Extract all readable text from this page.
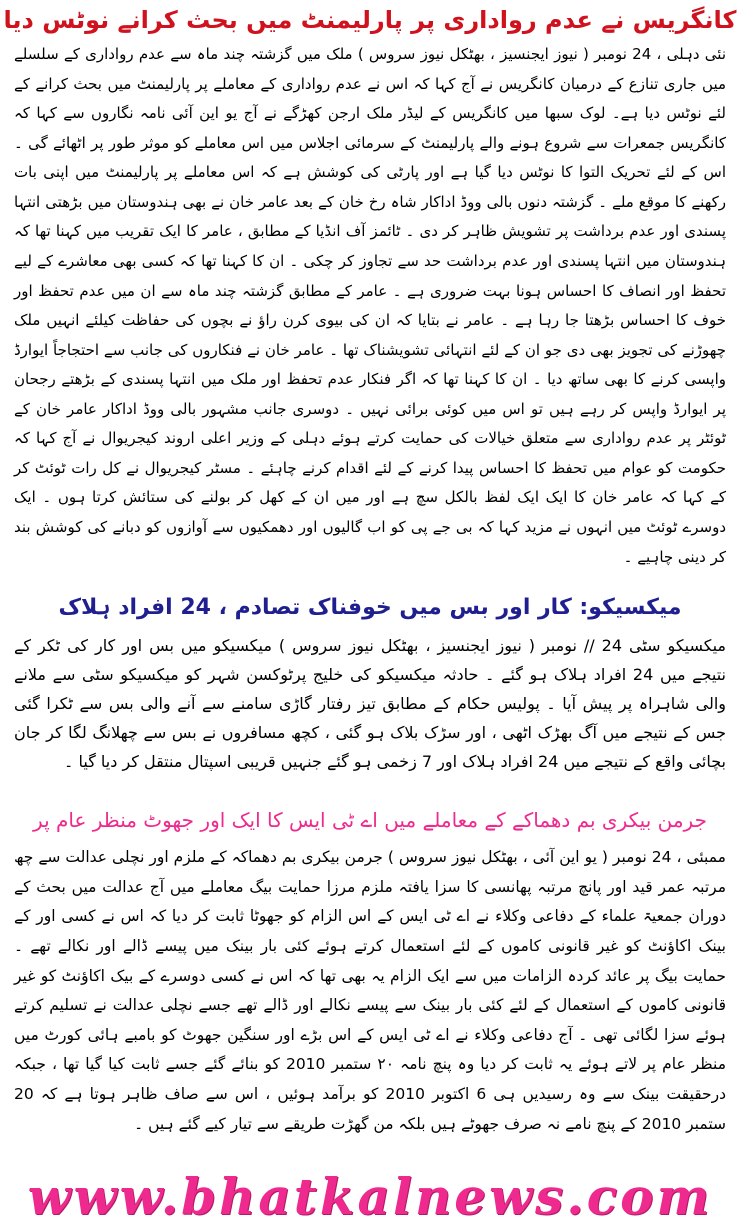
کانگریس نے عدم رواداری پر پارلیمنٹ میں بحث کرانے نوٹس دیا
نئی دہلی ، 24 نومبر ( نیوز ایجنسیز ، بھٹکل نیوز سروس ) ملک میں گزشتہ چند ماہ سے عدم رواداری کے سلسلے میں جاری تنازع کے درمیان کانگریس نے آج کہا کہ اس نے عدم رواداری کے معاملے پر پارلیمنٹ میں بحث کرانے کے لئے نوٹس دیا ہے۔ لوک سبھا میں کانگریس کے لیڈر ملک ارجن کھڑگے نے آج یو این آئی نامہ نگاروں سے کہا کہ کانگریس جمعرات سے شروع ہونے والے پارلیمنٹ کے سرمائی اجلاس میں اس معاملے کو موثر طور پر اٹھائے گی ۔ اس کے لئے تحریک التوا کا نوٹس دیا گیا ہے اور پارٹی کی کوشش ہے کہ اس معاملے پر پارلیمنٹ میں اپنی بات رکھنے کا موقع ملے ۔ گزشتہ دنوں بالی ووڈ اداکار شاہ رخ خان کے بعد عامر خان نے بھی ہندوستان میں بڑھتی انتہا پسندی اور عدم برداشت پر تشویش ظاہر کر دی ۔ ٹائمز آف انڈیا کے مطابق ، عامر کا ایک تقریب میں کہنا تھا کہ ہندوستان میں انتہا پسندی اور عدم برداشت حد سے تجاوز کر چکی ۔ ان کا کہنا تھا کہ کسی بھی معاشرے کے لیے تحفظ اور انصاف کا احساس ہونا بہت ضروری ہے ۔ عامر کے مطابق گزشتہ چند ماہ سے ان میں عدم تحفظ اور خوف کا احساس بڑھتا جا رہا ہے ۔ عامر نے بتایا کہ ان کی بیوی کرن راؤ نے بچوں کی حفاظت کیلئے انہیں ملک چھوڑنے کی تجویز بھی دی جو ان کے لئے انتہائی تشویشناک تھا ۔ عامر خان نے فنکاروں کی جانب سے احتجاجاً ایوارڈ واپسی کرنے کا بھی ساتھ دیا ۔ ان کا کہنا تھا کہ اگر فنکار عدم تحفظ اور ملک میں انتہا پسندی کے بڑھتے رجحان پر ایوارڈ واپس کر رہے ہیں تو اس میں کوئی برائی نہیں ۔ دوسری جانب مشہور بالی ووڈ اداکار عامر خان کے ٹوئٹر پر عدم رواداری سے متعلق خیالات کی حمایت کرتے ہوئے دہلی کے وزیر اعلی اروند کیجریوال نے آج کہا کہ حکومت کو عوام میں تحفظ کا احساس پیدا کرنے کے لئے اقدام کرنے چاہئے ۔ مسٹر کیجریوال نے کل رات ٹوئٹ کر کے کہا کہ عامر خان کا ایک ایک لفظ بالکل سچ ہے اور میں ان کے کھل کر بولنے کی ستائش کرتا ہوں ۔ ایک دوسرے ٹوئٹ میں انہوں نے مزید کہا کہ بی جے پی کو اب گالیوں اور دھمکیوں سے آوازوں کو دبانے کی کوشش بند کر دینی چاہیے ۔
میکسیکو: کار اور بس میں خوفناک تصادم ، 24 افراد ہلاک
میکسیکو سٹی 24 // نومبر ( نیوز ایجنسیز ، بھٹکل نیوز سروس ) میکسیکو میں بس اور کار کی ٹکر کے نتیجے میں 24 افراد ہلاک ہو گئے ۔ حادثہ میکسیکو کی خلیج پرٹوکسن شہر کو میکسیکو سٹی سے ملانے والی شاہراہ پر پیش آیا ۔ پولیس حکام کے مطابق تیز رفتار گاڑی سامنے سے آنے والی بس سے ٹکرا گئی جس کے نتیجے میں آگ بھڑک اٹھی ، اور سڑک بلاک ہو گئی ، کچھ مسافروں نے بس سے چھلانگ لگا کر جان بچائی واقع کے نتیجے میں 24 افراد ہلاک اور 7 زخمی ہو گئے جنہیں قریبی اسپتال منتقل کر دیا گیا ۔
جرمن بیکری بم دھماکے کے معاملے میں اے ٹی ایس کا ایک اور جھوٹ منظر عام پر
ممبئی ، 24 نومبر ( یو این آئی ، بھٹکل نیوز سروس ) جرمن بیکری بم دھماکہ کے ملزم اور نچلی عدالت سے چھ مرتبہ عمر قید اور پانچ مرتبہ پھانسی کا سزا یافتہ ملزم مرزا حمایت بیگ معاملے میں آج عدالت میں بحث کے دوران جمعیۃ علماء کے دفاعی وکلاء نے اے ٹی ایس کے اس الزام کو جھوٹا ثابت کر دیا کہ اس نے کسی اور کے بینک اکاؤنٹ کو غیر قانونی کاموں کے لئے استعمال کرتے ہوئے کئی بار بینک میں پیسے ڈالے اور نکالے تھے ۔ حمایت بیگ پر عائد کردہ الزامات میں سے ایک الزام یہ بھی تھا کہ اس نے کسی دوسرے کے بیک اکاؤنٹ کو غیر قانونی کاموں کے استعمال کے لئے کئی بار بینک سے پیسے نکالے اور ڈالے تھے جسے نچلی عدالت نے تسلیم کرتے ہوئے سزا لگائی تھی ۔ آج دفاعی وکلاء نے اے ٹی ایس کے اس بڑے اور سنگین جھوٹ کو بامبے ہائی کورٹ میں منظر عام پر لاتے ہوئے یہ ثابت کر دیا وہ پنچ نامہ ۲۰ ستمبر 2010 کو بنائے گئے جسے ثابت کیا گیا تھا ، جبکہ درحقیقت بینک سے وہ رسیدیں ہی 6 اکتوبر 2010 کو برآمد ہوئیں ، اس سے صاف ظاہر ہوتا ہے کہ 20 ستمبر 2010 کے پنچ نامے نہ صرف جھوٹے ہیں بلکہ من گھڑت طریقے سے تیار کیے گئے ہیں ۔
www.bhatkalnews.com
